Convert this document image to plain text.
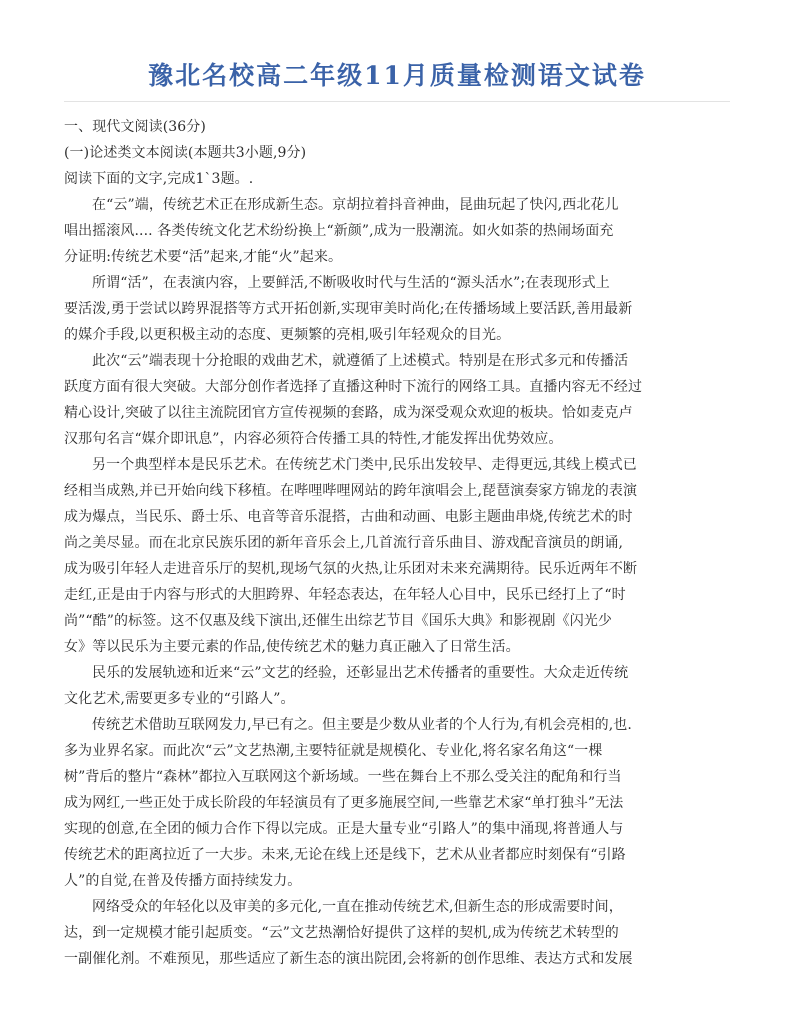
豫北名校高二年级11月质量检测语文试卷
一、现代文阅读(36分)
(一)论述类文本阅读(本题共3小题,9分)
阅读下面的文字,完成1`3题。.
在“云”端，传统艺术正在形成新生态。京胡拉着抖音神曲，昆曲玩起了快闪,西北花儿
唱出摇滚风.... 各类传统文化艺术纷纷换上“新颜”,成为一股潮流。如火如荼的热闹场面充
分证明:传统艺术要“活”起来,才能“火”起来。
所谓“活”，在表演内容，上要鲜活,不断吸收时代与生活的“源头活水”;在表现形式上
要活泼,勇于尝试以跨界混搭等方式开拓创新,实现审美时尚化;在传播场域上要活跃,善用最新
的媒介手段,以更积极主动的态度、更频繁的亮相,吸引年轻观众的目光。
此次“云”端表现十分抢眼的戏曲艺术，就遵循了上述模式。特别是在形式多元和传播活
跃度方面有很大突破。大部分创作者选择了直播这种时下流行的网络工具。直播内容无不经过
精心设计,突破了以往主流院团官方宣传视频的套路，成为深受观众欢迎的板块。恰如麦克卢
汉那句名言“媒介即讯息”，内容必须符合传播工具的特性,才能发挥出优势效应。
另一个典型样本是民乐艺术。在传统艺术门类中,民乐出发较早、走得更远,其线上模式已
经相当成熟,并已开始向线下移植。在哔哩哔哩网站的跨年演唱会上,琵琶演奏家方锦龙的表演
成为爆点，当民乐、爵士乐、电音等音乐混搭，古曲和动画、电影主题曲串烧,传统艺术的时
尚之美尽显。而在北京民族乐团的新年音乐会上,几首流行音乐曲目、游戏配音演员的朗诵,
成为吸引年轻人走进音乐厅的契机,现场气氛的火热,让乐团对未来充满期待。民乐近两年不断
走红,正是由于内容与形式的大胆跨界、年轻态表达，在年轻人心目中，民乐已经打上了“时
尚”“酷”的标签。这不仅惠及线下演出,还催生出综艺节目《国乐大典》和影视剧《闪光少
女》等以民乐为主要元素的作品,使传统艺术的魅力真正融入了日常生活。
民乐的发展轨迹和近来“云”文艺的经验，还彰显出艺术传播者的重要性。大众走近传统
文化艺术,需要更多专业的“引路人”。
传统艺术借助互联网发力,早已有之。但主要是少数从业者的个人行为,有机会亮相的,也.
多为业界名家。而此次“云”文艺热潮,主要特征就是规模化、专业化,将名家名角这“一棵
树”背后的整片“森林”都拉入互联网这个新场域。一些在舞台上不那么受关注的配角和行当
成为网红,一些正处于成长阶段的年轻演员有了更多施展空间,一些靠艺术家“单打独斗”无法
实现的创意,在全团的倾力合作下得以完成。正是大量专业“引路人”的集中涌现,将普通人与
传统艺术的距离拉近了一大步。未来,无论在线上还是线下，艺术从业者都应时刻保有“引路
人”的自觉,在普及传播方面持续发力。
网络受众的年轻化以及审美的多元化,一直在推动传统艺术,但新生态的形成需要时间，
达，到一定规模才能引起质变。“云”文艺热潮恰好提供了这样的契机,成为传统艺术转型的
一副催化剂。不难预见，那些适应了新生态的演出院团,会将新的创作思维、表达方式和发展
